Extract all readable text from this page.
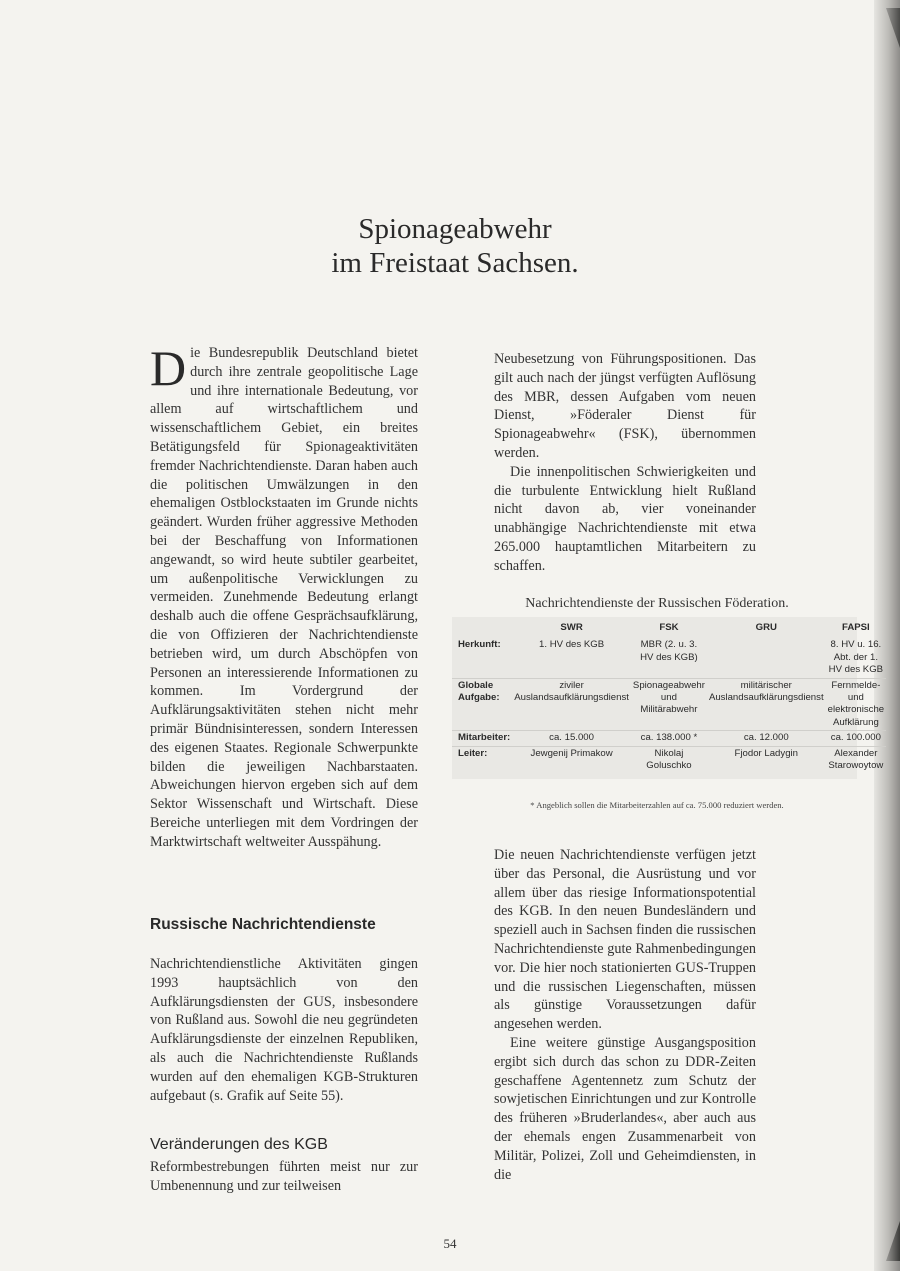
Spionageabwehr
im Freistaat Sachsen.

Die Bundesrepublik Deutschland bietet durch ihre zentrale geopolitische Lage und ihre internationale Bedeutung, vor allem auf wirtschaftlichem und wissenschaftlichem Gebiet, ein breites Betätigungsfeld für Spionageaktivitäten fremder Nachrichtendienste. Daran haben auch die politischen Umwälzungen in den ehemaligen Ostblockstaaten im Grunde nichts geändert. Wurden früher aggressive Methoden bei der Beschaffung von Informationen angewandt, so wird heute subtiler gearbeitet, um außenpolitische Verwicklungen zu vermeiden. Zunehmende Bedeutung erlangt deshalb auch die offene Gesprächsaufklärung, die von Offizieren der Nachrichtendienste betrieben wird, um durch Abschöpfen von Personen an interessierende Informationen zu kommen. Im Vordergrund der Aufklärungsaktivitäten stehen nicht mehr primär Bündnisinteressen, sondern Interessen des eigenen Staates. Regionale Schwerpunkte bilden die jeweiligen Nachbarstaaten. Abweichungen hiervon ergeben sich auf dem Sektor Wissenschaft und Wirtschaft. Diese Bereiche unterliegen mit dem Vordringen der Marktwirtschaft weltweiter Ausspähung.

Russische Nachrichtendienste

Nachrichtendienstliche Aktivitäten gingen 1993 hauptsächlich von den Aufklärungsdiensten der GUS, insbesondere von Rußland aus. Sowohl die neu gegründeten Aufklärungsdienste der einzelnen Republiken, als auch die Nachrichtendienste Rußlands wurden auf den ehemaligen KGB-Strukturen aufgebaut (s. Grafik auf Seite 55).

Veränderungen des KGB

Reformbestrebungen führten meist nur zur Umbenennung und zur teilweisen

Neubesetzung von Führungspositionen. Das gilt auch nach der jüngst verfügten Auflösung des MBR, dessen Aufgaben vom neuen Dienst, »Föderaler Dienst für Spionageabwehr« (FSK), übernommen werden.

Die innenpolitischen Schwierigkeiten und die turbulente Entwicklung hielt Rußland nicht davon ab, vier voneinander unabhängige Nachrichtendienste mit etwa 265.000 hauptamtlichen Mitarbeitern zu schaffen.

Nachrichtendienste der Russischen Föderation.
	SWR	FSK	GRU	FAPSI
Herkunft:	1. HV des KGB	MBR (2. u. 3. HV des KGB)		8. HV u. 16. Abt. der 1. HV des KGB
Globale Aufgabe:	ziviler Auslandsaufklärungsdienst	Spionageabwehr und Militärabwehr	militärischer Auslandsaufklärungsdienst	Fernmelde- und elektronische Aufklärung
Mitarbeiter:	ca. 15.000	ca. 138.000 *	ca. 12.000	ca. 100.000
Leiter:	Jewgenij Primakow	Nikolaj Goluschko	Fjodor Ladygin	Alexander Starowoytow
* Angeblich sollen die Mitarbeiterzahlen auf ca. 75.000 reduziert werden.

Die neuen Nachrichtendienste verfügen jetzt über das Personal, die Ausrüstung und vor allem über das riesige Informationspotential des KGB. In den neuen Bundesländern und speziell auch in Sachsen finden die russischen Nachrichtendienste gute Rahmenbedingungen vor. Die hier noch stationierten GUS-Truppen und die russischen Liegenschaften, müssen als günstige Voraussetzungen dafür angesehen werden.

Eine weitere günstige Ausgangsposition ergibt sich durch das schon zu DDR-Zeiten geschaffene Agentennetz zum Schutz der sowjetischen Einrichtungen und zur Kontrolle des früheren »Bruderlandes«, aber auch aus der ehemals engen Zusammenarbeit von Militär, Polizei, Zoll und Geheimdiensten, in die

54
